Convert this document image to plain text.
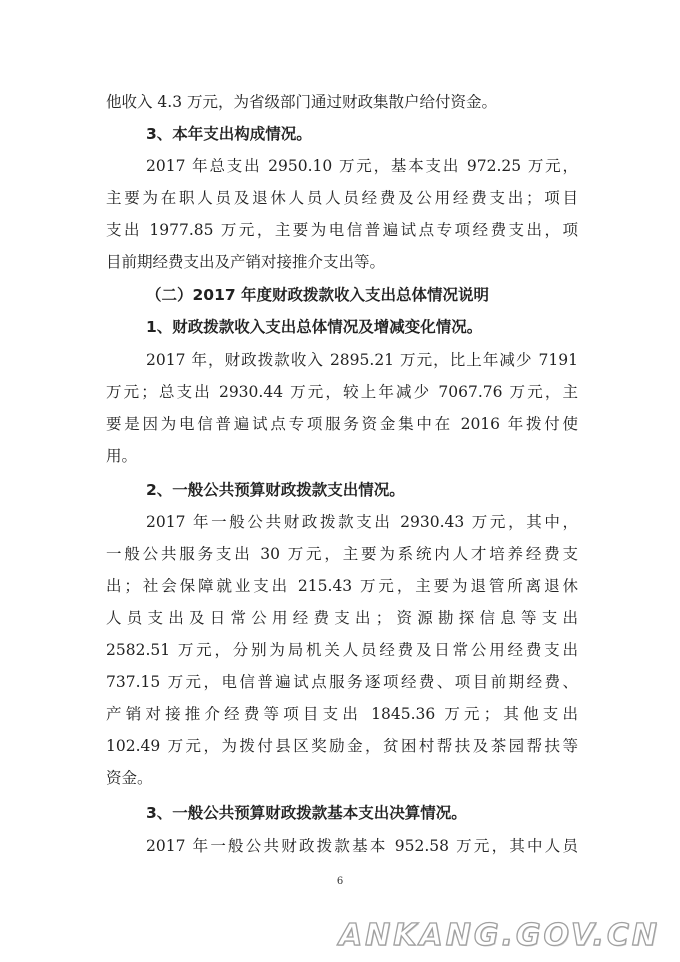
他收入 4.3 万元，为省级部门通过财政集散户给付资金。
3、本年支出构成情况。
2017 年总支出 2950.10 万元，基本支出 972.25 万元，
主要为在职人员及退休人员人员经费及公用经费支出；项目
支出 1977.85 万元，主要为电信普遍试点专项经费支出，项
目前期经费支出及产销对接推介支出等。
（二）2017 年度财政拨款收入支出总体情况说明
1、财政拨款收入支出总体情况及增减变化情况。
2017 年，财政拨款收入 2895.21 万元，比上年减少 7191
万元；总支出 2930.44 万元，较上年减少 7067.76 万元，主
要是因为电信普遍试点专项服务资金集中在 2016 年拨付使
用。
2、一般公共预算财政拨款支出情况。
2017 年一般公共财政拨款支出 2930.43 万元，其中，
一般公共服务支出 30 万元，主要为系统内人才培养经费支
出；社会保障就业支出 215.43 万元，主要为退管所离退休
人员支出及日常公用经费支出；资源勘探信息等支出
2582.51 万元，分别为局机关人员经费及日常公用经费支出
737.15 万元，电信普遍试点服务逐项经费、项目前期经费、
产销对接推介经费等项目支出 1845.36 万元；其他支出
102.49 万元，为拨付县区奖励金，贫困村帮扶及茶园帮扶等
资金。
3、一般公共预算财政拨款基本支出决算情况。
2017 年一般公共财政拨款基本 952.58 万元，其中人员
6
ANKANG.GOV.CN
